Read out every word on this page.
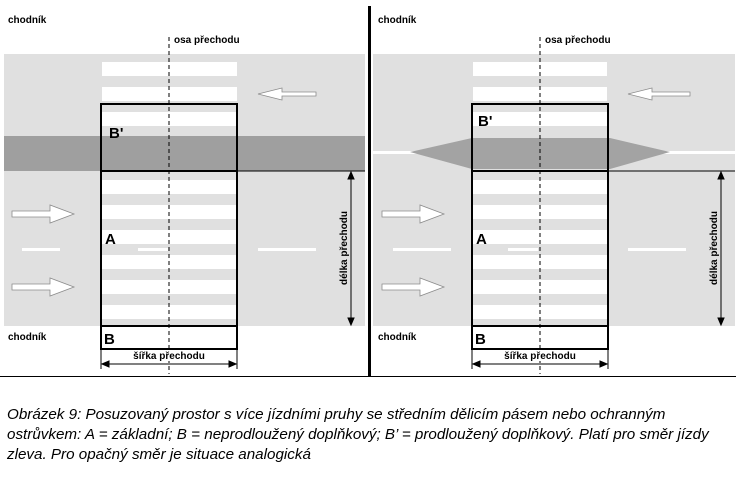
chodník
chodník
osa přechodu
B'
A
B
délka přechodu
šířka přechodu
chodník
chodník
osa přechodu
B'
A
B
délka přechodu
šířka přechodu

Obrázek 9: Posuzovaný prostor s více jízdními pruhy se středním dělicím pásem nebo ochranným ostrůvkem: A = základní; B = neprodloužený doplňkový; B’ = prodloužený doplňkový. Platí pro směr jízdy zleva. Pro opačný směr je situace analogická
